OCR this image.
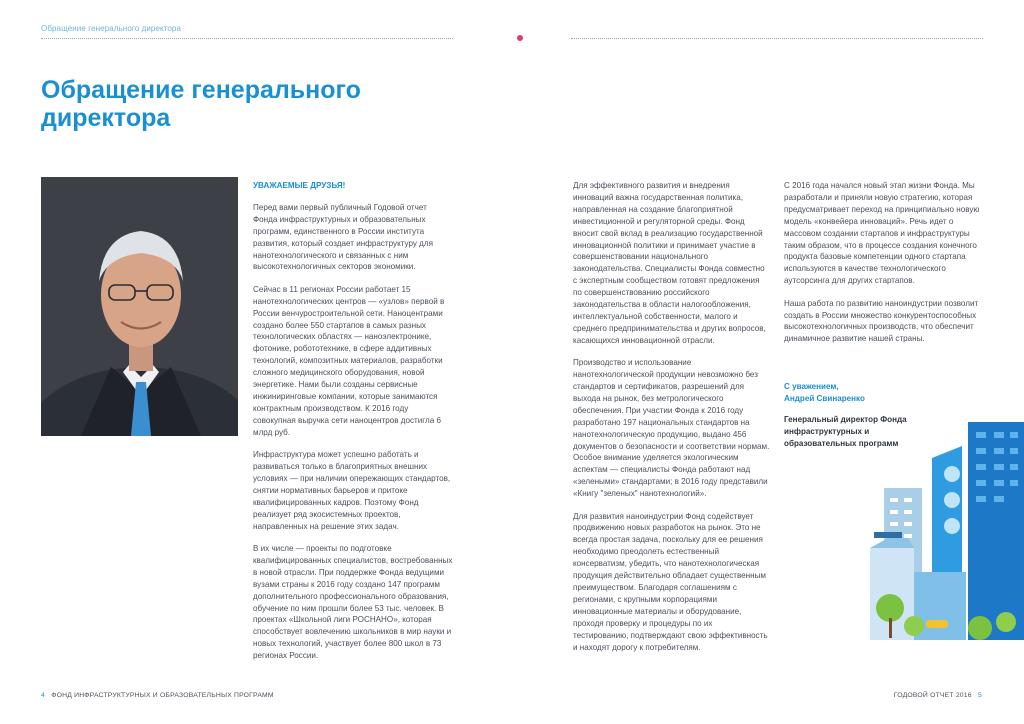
Обращение генерального директора
Обращение генерального директора
УВАЖАЕМЫЕ ДРУЗЬЯ!

Перед вами первый публичный Годовой отчет Фонда инфраструктурных и образовательных программ, единственного в России института развития, который создает инфраструктуру для нанотехнологического и связанных с ним высокотехнологичных секторов экономики.

Сейчас в 11 регионах России работает 15 нанотехнологических центров — «узлов» первой в России венчуростроительной сети. Наноцентрами создано более 550 стартапов в самых разных технологических областях — наноэлектронике, фотонике, робототехнике, в сфере аддитивных технологий, композитных материалов, разработки сложного медицинского оборудования, новой энергетике. Нами были созданы сервисные инжиниринговые компании, которые занимаются контрактным производством. К 2016 году совокупная выручка сети наноцентров достигла 6 млрд руб.

Инфраструктура может успешно работать и развиваться только в благоприятных внешних условиях — при наличии опережающих стандартов, снятии нормативных барьеров и притоке квалифицированных кадров. Поэтому Фонд реализует ряд экосистемных проектов, направленных на решение этих задач.

В их числе — проекты по подготовке квалифицированных специалистов, востребованных в новой отрасли. При поддержке Фонда ведущими вузами страны к 2016 году создано 147 программ дополнительного профессионального образования, обучение по ним прошли более 53 тыс. человек. В проектах «Школьной лиги РОСНАНО», которая способствует вовлечению школьников в мир науки и новых технологий, участвует более 800 школ в 73 регионах России.

Для эффективного развития и внедрения инноваций важна государственная политика, направленная на создание благоприятной инвестиционной и регуляторной среды. Фонд вносит свой вклад в реализацию государственной инновационной политики и принимает участие в совершенствовании национального законодательства. Специалисты Фонда совместно с экспертным сообществом готовят предложения по совершенствованию российского законодательства в области налогообложения, интеллектуальной собственности, малого и среднего предпринимательства и других вопросов, касающихся инновационной отрасли.

Производство и использование нанотехнологической продукции невозможно без стандартов и сертификатов, разрешений для выхода на рынок, без метрологического обеспечения. При участии Фонда к 2016 году разработано 197 национальных стандартов на нанотехнологическую продукцию, выдано 456 документов о безопасности и соответствии нормам. Особое внимание уделяется экологическим аспектам — специалисты Фонда работают над «зелеными» стандартами; в 2016 году представили «Книгу "зеленых" нанотехнологий».

Для развития наноиндустрии Фонд содействует продвижению новых разработок на рынок. Это не всегда простая задача, поскольку для ее решения необходимо преодолеть естественный консерватизм, убедить, что нанотехнологическая продукция действительно обладает существенным преимуществом. Благодаря соглашениям с регионами, с крупными корпорациями инновационные материалы и оборудование, проходя проверку и процедуры по их тестированию, подтверждают свою эффективность и находят дорогу к потребителям.

С 2016 года начался новый этап жизни Фонда. Мы разработали и приняли новую стратегию, которая предусматривает переход на принципиально новую модель «конвейера инноваций». Речь идет о массовом создании стартапов и инфраструктуры таким образом, что в процессе создания конечного продукта базовые компетенции одного стартапа используются в качестве технологического аутсорсинга для других стартапов.

Наша работа по развитию наноиндустрии позволит создать в России множество конкурентоспособных высокотехнологичных производств, что обеспечит динамичное развитие нашей страны.

С уважением,
Андрей Свинаренко
Генеральный директор Фонда инфраструктурных и образовательных программ
4 ФОНД ИНФРАСТРУКТУРНЫХ И ОБРАЗОВАТЕЛЬНЫХ ПРОГРАММ	ГОДОВОЙ ОТЧЕТ 2016 5
